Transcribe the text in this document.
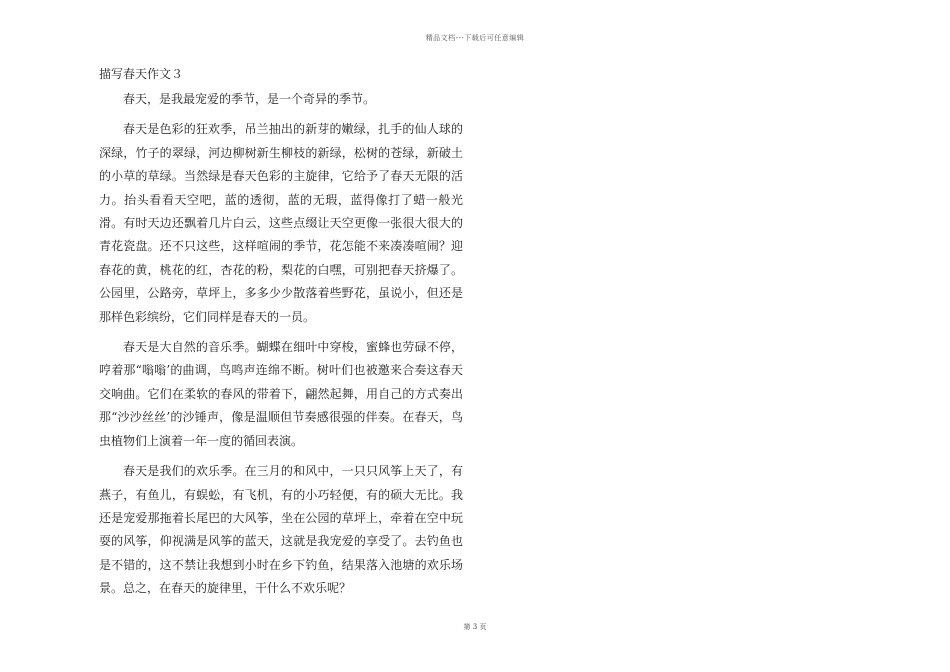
精品文档---下载后可任意编辑
描写春天作文３

春天，是我最宠爱的季节，是一个奇异的季节。

春天是色彩的狂欢季，吊兰抽出的新芽的嫩绿，扎手的仙人球的深绿，竹子的翠绿，河边柳树新生柳枝的新绿，松树的苍绿，新破土的小草的草绿。当然绿是春天色彩的主旋律，它给予了春天无限的活力。抬头看看天空吧，蓝的透彻，蓝的无瑕，蓝得像打了蜡一般光滑。有时天边还飘着几片白云，这些点缀让天空更像一张很大很大的青花瓷盘。还不只这些，这样喧闹的季节，花怎能不来凑凑喧闹？迎春花的黄，桃花的红，杏花的粉，梨花的白嘿，可别把春天挤爆了。公园里，公路旁，草坪上，多多少少散落着些野花，虽说小，但还是那样色彩缤纷，它们同样是春天的一员。

春天是大自然的音乐季。蝴蝶在细叶中穿梭，蜜蜂也劳碌不停，哼着那“嗡嗡’的曲调，鸟鸣声连绵不断。树叶们也被邀来合奏这春天交响曲。它们在柔软的春风的带着下，翩然起舞，用自己的方式奏出那“沙沙丝丝’的沙锤声，像是温顺但节奏感很强的伴奏。在春天，鸟虫植物们上演着一年一度的循回表演。

春天是我们的欢乐季。在三月的和风中，一只只风筝上天了，有燕子，有鱼儿，有蜈蚣，有飞机，有的小巧轻便，有的硕大无比。我还是宠爱那拖着长尾巴的大风筝，坐在公园的草坪上，牵着在空中玩耍的风筝，仰视满是风筝的蓝天，这就是我宠爱的享受了。去钓鱼也是不错的，这不禁让我想到小时在乡下钓鱼，结果落入池塘的欢乐场景。总之，在春天的旋律里，干什么不欢乐呢？

第 3 页
